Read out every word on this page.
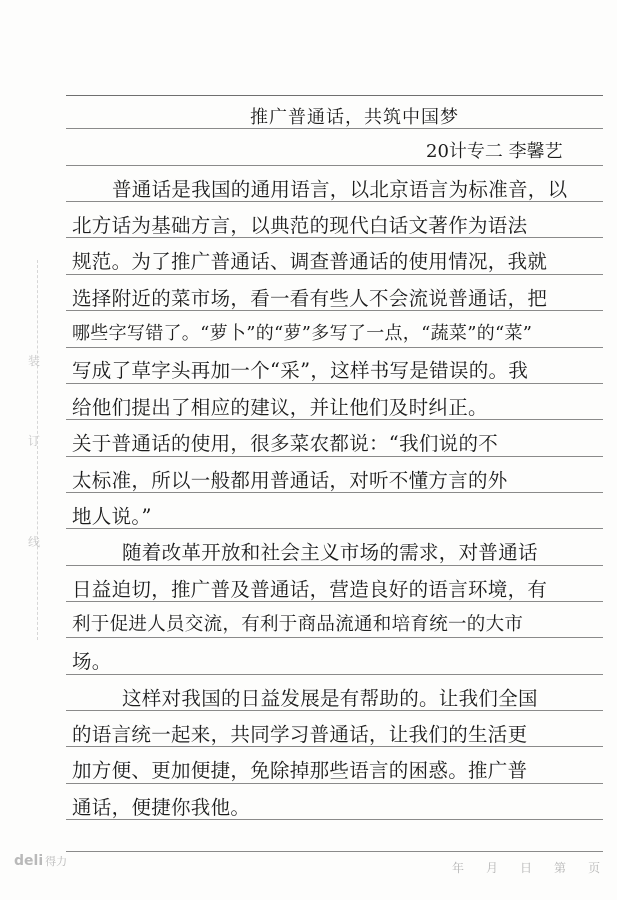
装
订
线
推广普通话，共筑中国梦
20计专二 李馨艺
普通话是我国的通用语言，以北京语言为标准音，以
北方话为基础方言，以典范的现代白话文著作为语法
规范。为了推广普通话、调查普通话的使用情况，我就
选择附近的菜市场，看一看有些人不会流说普通话，把
哪些字写错了。“萝卜”的“萝”多写了一点，“蔬菜”的“菜”
写成了草字头再加一个“采”，这样书写是错误的。我
给他们提出了相应的建议，并让他们及时纠正。
关于普通话的使用，很多菜农都说：“我们说的不
太标准，所以一般都用普通话，对听不懂方言的外
地人说。”
随着改革开放和社会主义市场的需求，对普通话
日益迫切，推广普及普通话，营造良好的语言环境，有
利于促进人员交流，有利于商品流通和培育统一的大市
场。
这样对我国的日益发展是有帮助的。让我们全国
的语言统一起来，共同学习普通话，让我们的生活更
加方便、更加便捷，免除掉那些语言的困惑。推广普
通话，便捷你我他。
deli 得力	年 月 日 第 页
